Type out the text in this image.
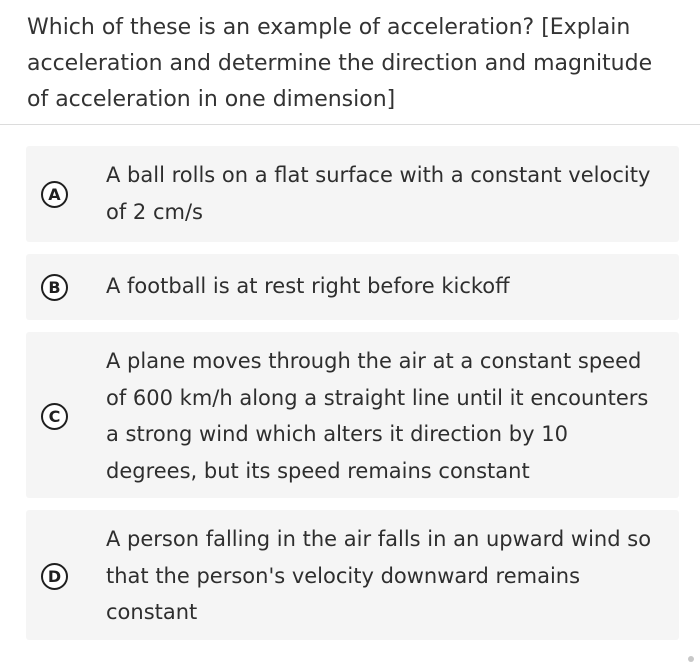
Which of these is an example of acceleration? [Explain acceleration and determine the direction and magnitude of acceleration in one dimension]
A
A ball rolls on a flat surface with a constant velocity of 2 cm/s
B	A football is at rest right before kickoff
C
A plane moves through the air at a constant speed of 600 km/h along a straight line until it encounters a strong wind which alters it direction by 10 degrees, but its speed remains constant
D
A person falling in the air falls in an upward wind so that the person's velocity downward remains constant
